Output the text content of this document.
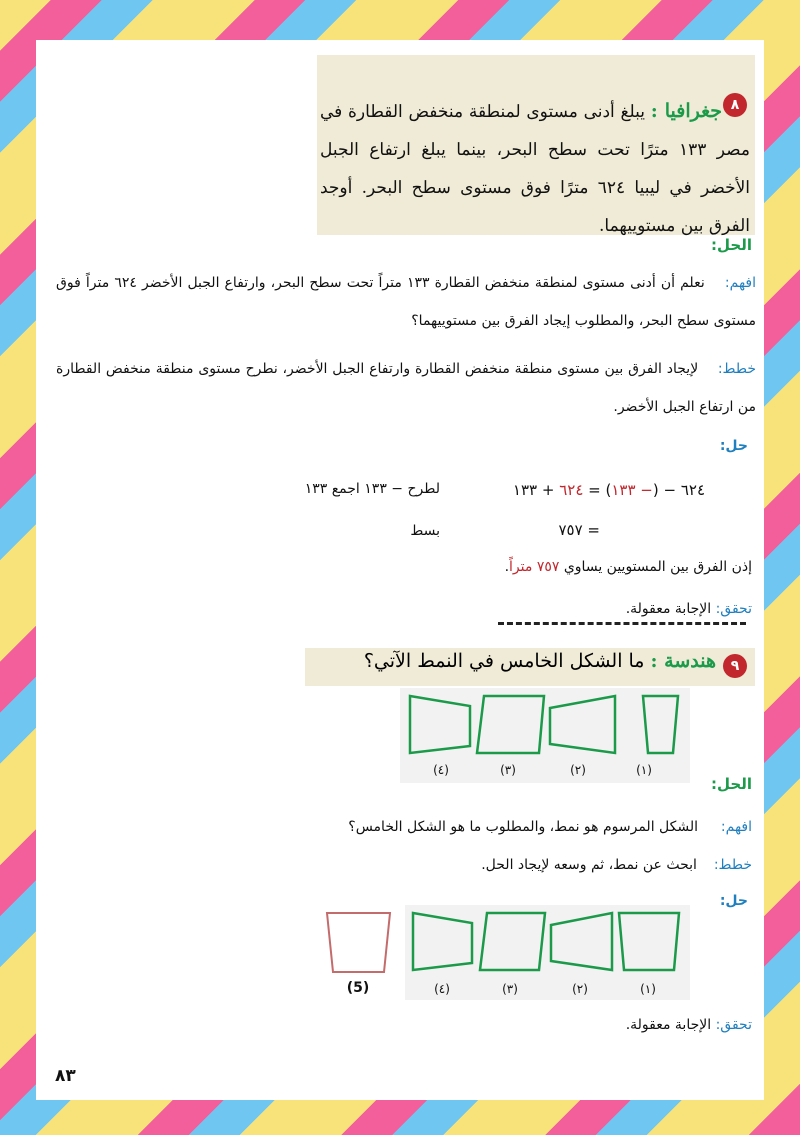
٨
جغرافيا : يبلغ أدنى مستوى لمنطقة منخفض القطارة في مصر ١٣٣ مترًا تحت سطح البحر، بينما يبلغ ارتفاع الجبل الأخضر في ليبيا ٦٢٤ مترًا فوق مستوى سطح البحر. أوجد الفرق بين مستوييهما.
الحل:
افهم:  نعلم أن أدنى مستوى لمنطقة منخفض القطارة ١٣٣ متراً تحت سطح البحر، وارتفاع الجبل الأخضر ٦٢٤ متراً فوق مستوى سطح البحر، والمطلوب إيجاد الفرق بين مستوييهما؟
خطط:  لإيجاد الفرق بين مستوى منطقة منخفض القطارة وارتفاع الجبل الأخضر، نطرح مستوى منطقة منخفض القطارة من ارتفاع الجبل الأخضر.
حل:
٦٢٤ − (− ١٣٣) = ٦٢٤ + ١٣٣
لطرح − ١٣٣ اجمع ١٣٣
= ٧٥٧
بسط
إذن الفرق بين المستويين يساوي ٧٥٧ متراً.
تحقق: الإجابة معقولة.
٩
هندسة : ما الشكل الخامس في النمط الآتي؟
(٤)	(٣)	(٢)	(١)
الحل:
افهم:  الشكل المرسوم هو نمط، والمطلوب ما هو الشكل الخامس؟
خطط:  ابحث عن نمط، ثم وسعه لإيجاد الحل.
حل:
(5)	(٤)	(٣)	(٢)	(١)
تحقق: الإجابة معقولة.
٨٣
